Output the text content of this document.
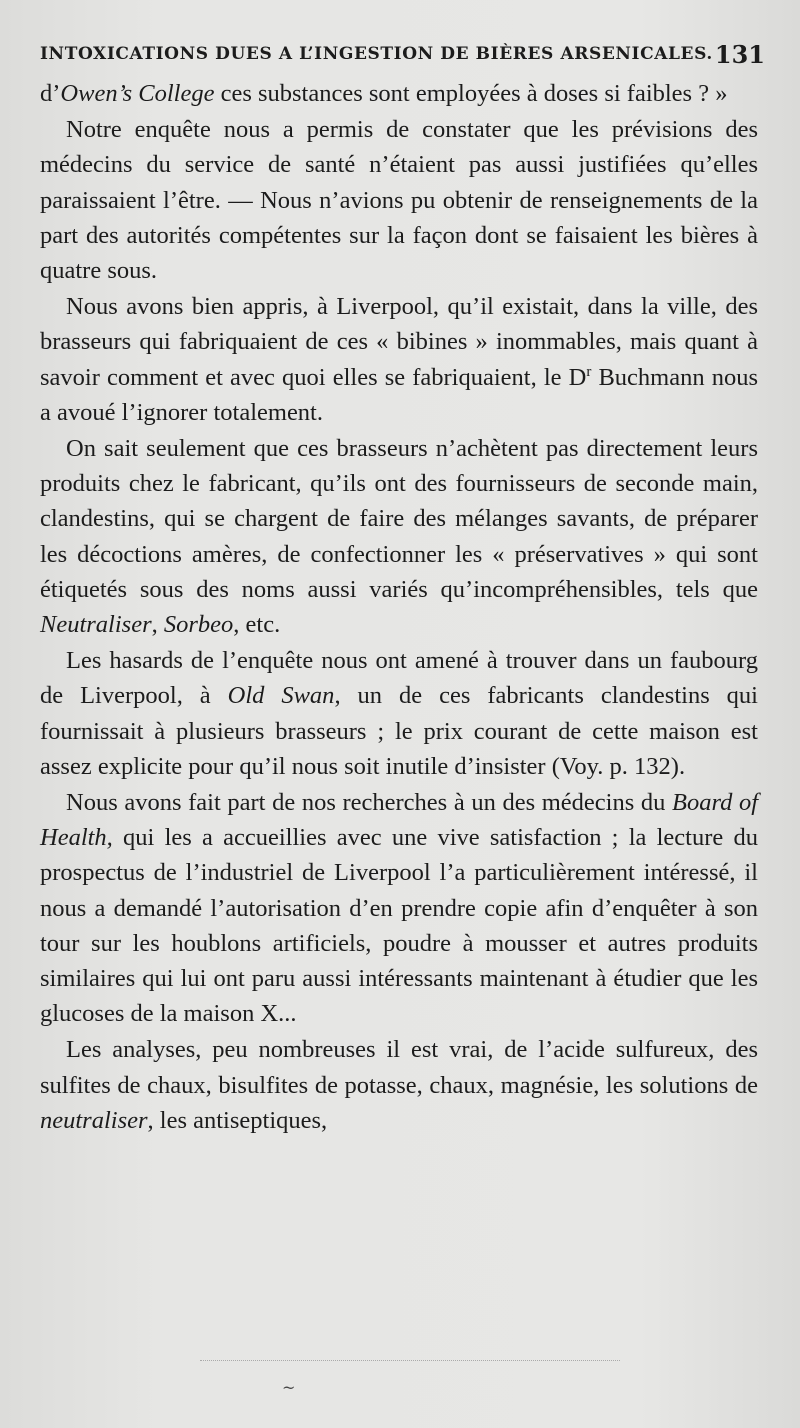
INTOXICATIONS DUES A L’INGESTION DE BIÈRES ARSENICALES. 131

d’Owen’s College ces substances sont employées à doses si faibles ? »

Notre enquête nous a permis de constater que les prévisions des médecins du service de santé n’étaient pas aussi justifiées qu’elles paraissaient l’être. — Nous n’avions pu obtenir de renseignements de la part des autorités compétentes sur la façon dont se faisaient les bières à quatre sous.

Nous avons bien appris, à Liverpool, qu’il existait, dans la ville, des brasseurs qui fabriquaient de ces « bibines » inommables, mais quant à savoir comment et avec quoi elles se fabriquaient, le $D^r$ Buchmann nous a avoué l’ignorer totalement.

On sait seulement que ces brasseurs n’achètent pas directement leurs produits chez le fabricant, qu’ils ont des fournisseurs de seconde main, clandestins, qui se chargent de faire des mélanges savants, de préparer les décoctions amères, de confectionner les « préservatives » qui sont étiquetés sous des noms aussi variés qu’incompréhensibles, tels que Neutraliser, Sorbeo, etc.

Les hasards de l’enquête nous ont amené à trouver dans un faubourg de Liverpool, à Old Swan, un de ces fabricants clandestins qui fournissait à plusieurs brasseurs ; le prix courant de cette maison est assez explicite pour qu’il nous soit inutile d’insister (Voy. p. 132).

Nous avons fait part de nos recherches à un des médecins du Board of Health, qui les a accueillies avec une vive satisfaction ; la lecture du prospectus de l’industriel de Liverpool l’a particulièrement intéressé, il nous a demandé l’autorisation d’en prendre copie afin d’enquêter à son tour sur les houblons artificiels, poudre à mousser et autres produits similaires qui lui ont paru aussi intéressants maintenant à étudier que les glucoses de la maison X...

Les analyses, peu nombreuses il est vrai, de l’acide sulfureux, des sulfites de chaux, bisulfites de potasse, chaux, magnésie, les solutions de neutraliser, les antiseptiques,

~
